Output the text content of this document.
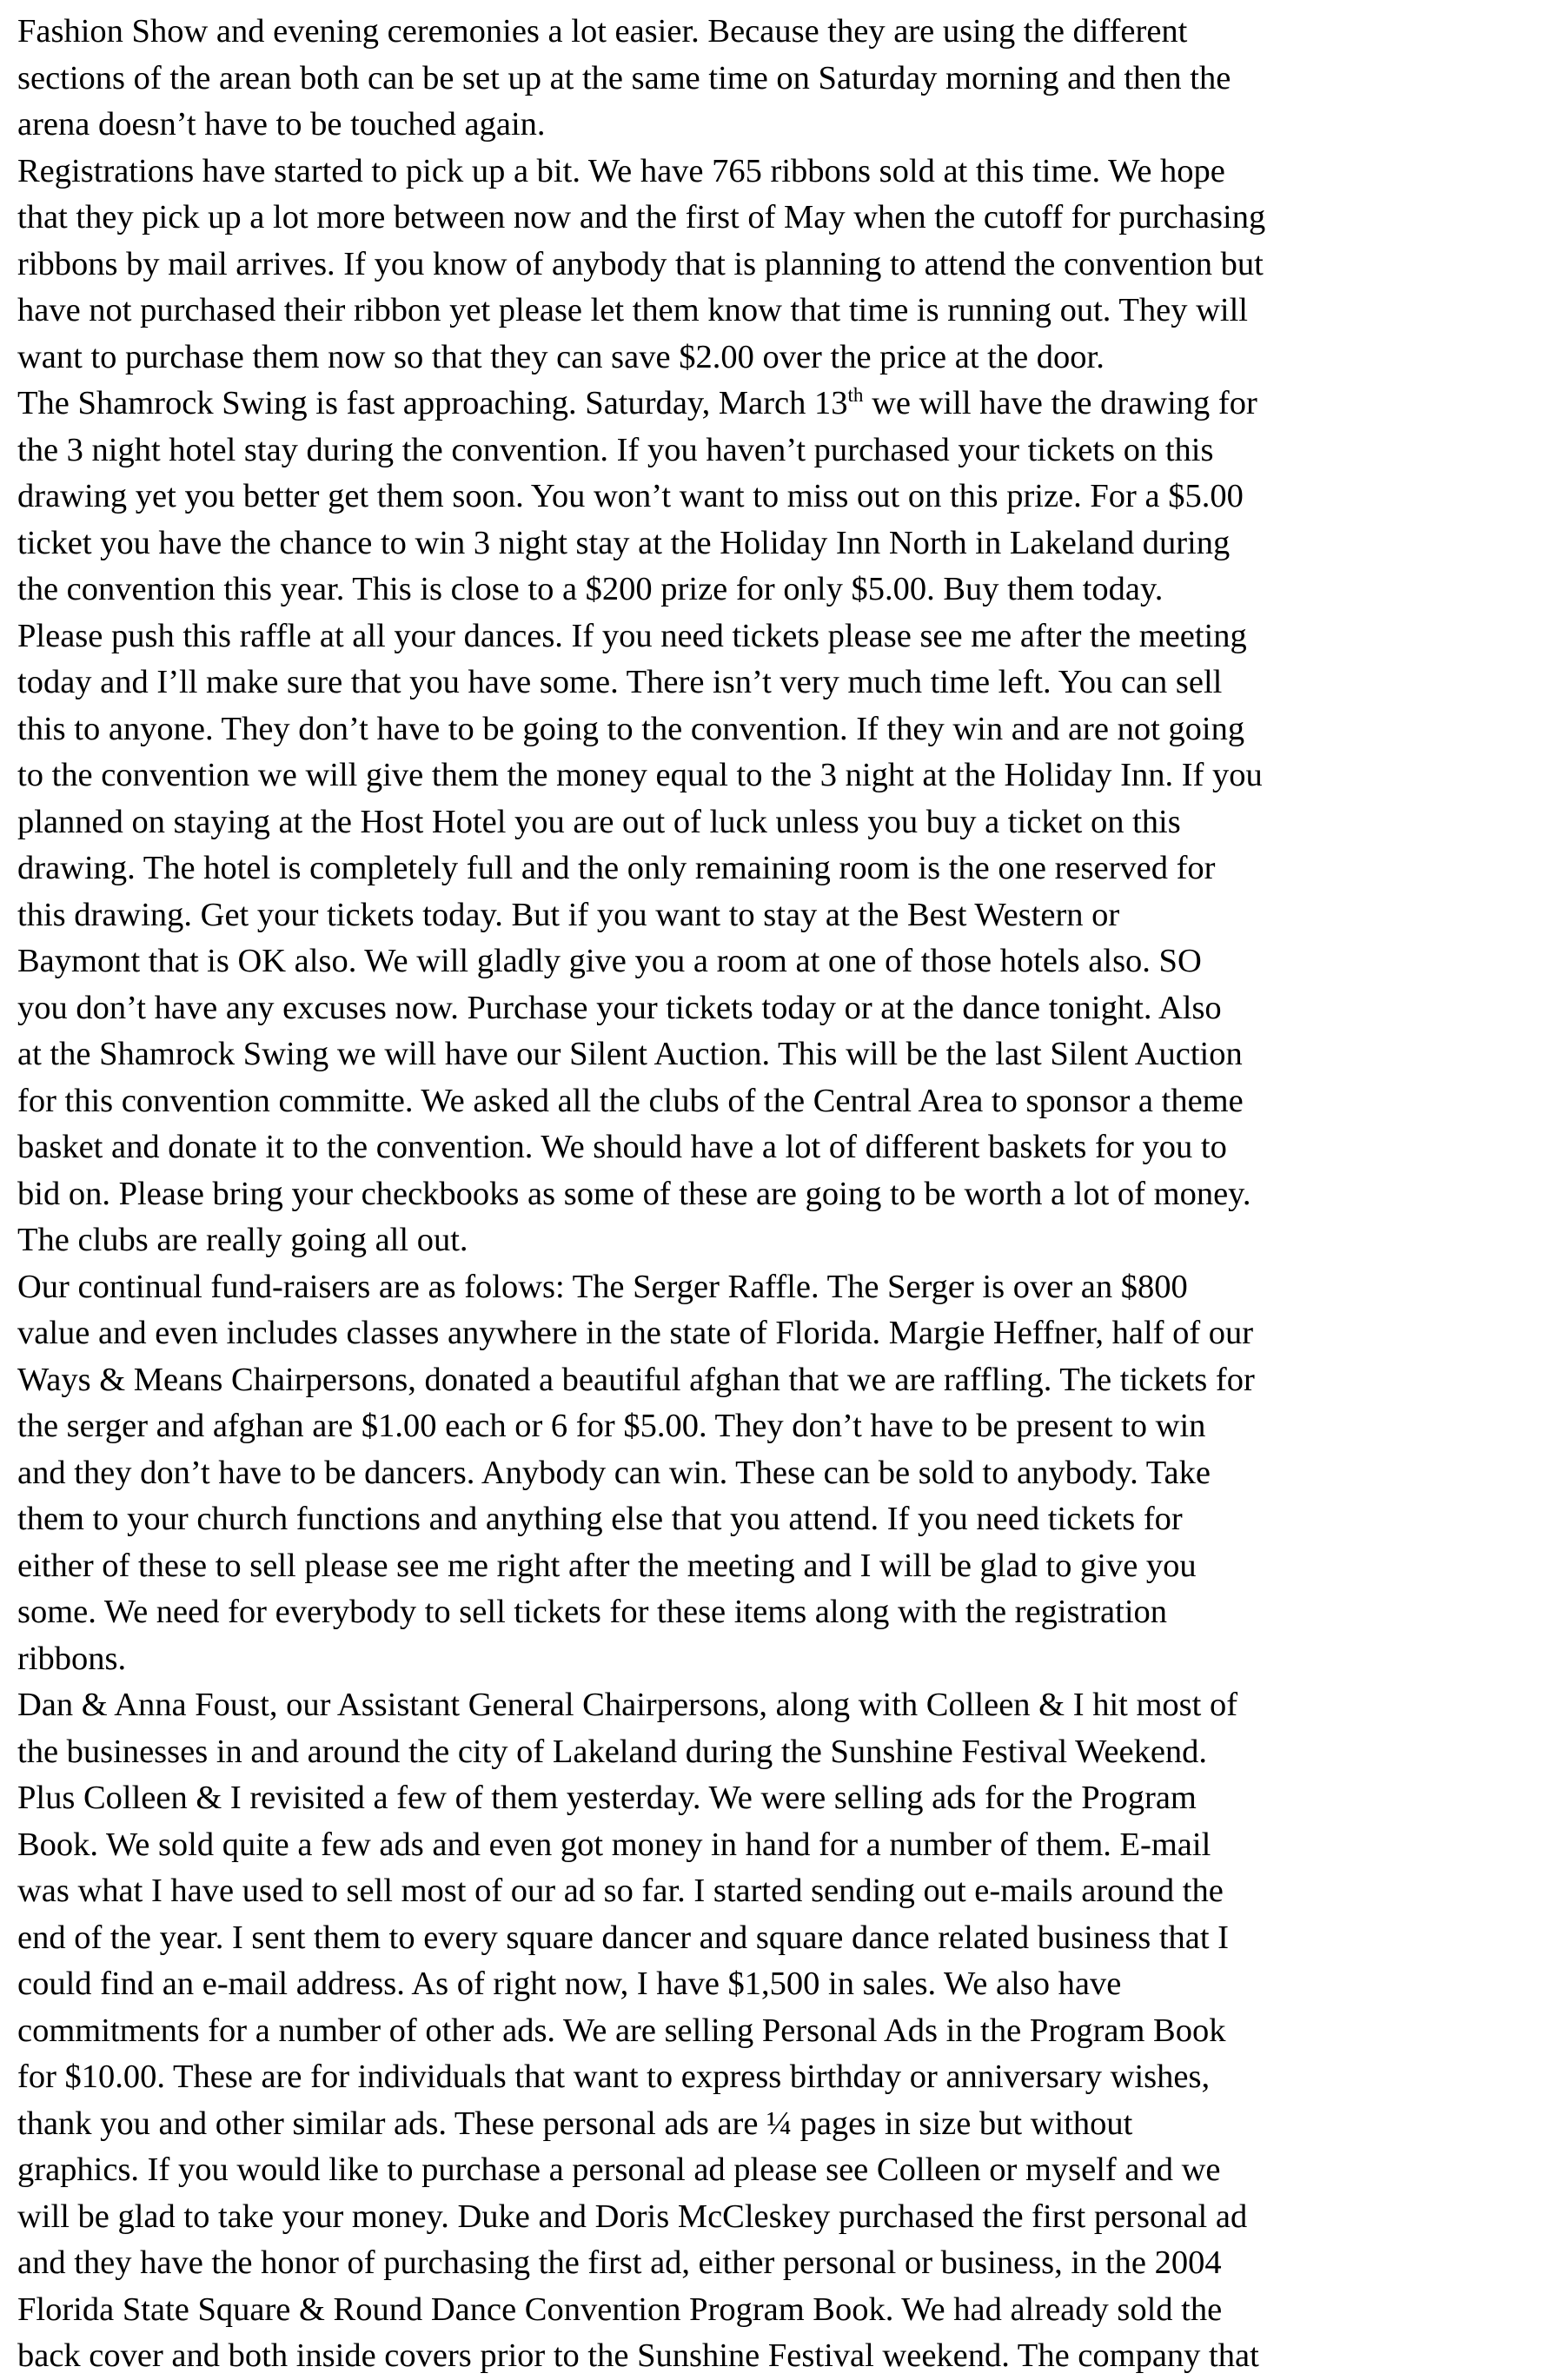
Fashion Show and evening ceremonies a lot easier. Because they are using the different
sections of the arean both can be set up at the same time on Saturday morning and then the
arena doesn’t have to be touched again.
Registrations have started to pick up a bit. We have 765 ribbons sold at this time. We hope
that they pick up a lot more between now and the first of May when the cutoff for purchasing
ribbons by mail arrives. If you know of anybody that is planning to attend the convention but
have not purchased their ribbon yet please let them know that time is running out. They will
want to purchase them now so that they can save $2.00 over the price at the door.
The Shamrock Swing is fast approaching. Saturday, March 13th we will have the drawing for
the 3 night hotel stay during the convention. If you haven’t purchased your tickets on this
drawing yet you better get them soon. You won’t want to miss out on this prize. For a $5.00
ticket you have the chance to win 3 night stay at the Holiday Inn North in Lakeland during
the convention this year. This is close to a $200 prize for only $5.00. Buy them today.
Please push this raffle at all your dances. If you need tickets please see me after the meeting
today and I’ll make sure that you have some. There isn’t very much time left. You can sell
this to anyone. They don’t have to be going to the convention. If they win and are not going
to the convention we will give them the money equal to the 3 night at the Holiday Inn. If you
planned on staying at the Host Hotel you are out of luck unless you buy a ticket on this
drawing. The hotel is completely full and the only remaining room is the one reserved for
this drawing. Get your tickets today. But if you want to stay at the Best Western or
Baymont that is OK also. We will gladly give you a room at one of those hotels also. SO
you don’t have any excuses now. Purchase your tickets today or at the dance tonight. Also
at the Shamrock Swing we will have our Silent Auction. This will be the last Silent Auction
for this convention committe. We asked all the clubs of the Central Area to sponsor a theme
basket and donate it to the convention. We should have a lot of different baskets for you to
bid on. Please bring your checkbooks as some of these are going to be worth a lot of money.
The clubs are really going all out.
Our continual fund-raisers are as folows: The Serger Raffle. The Serger is over an $800
value and even includes classes anywhere in the state of Florida. Margie Heffner, half of our
Ways & Means Chairpersons, donated a beautiful afghan that we are raffling. The tickets for
the serger and afghan are $1.00 each or 6 for $5.00. They don’t have to be present to win
and they don’t have to be dancers. Anybody can win. These can be sold to anybody. Take
them to your church functions and anything else that you attend. If you need tickets for
either of these to sell please see me right after the meeting and I will be glad to give you
some. We need for everybody to sell tickets for these items along with the registration
ribbons.
Dan & Anna Foust, our Assistant General Chairpersons, along with Colleen & I hit most of
the businesses in and around the city of Lakeland during the Sunshine Festival Weekend.
Plus Colleen & I revisited a few of them yesterday. We were selling ads for the Program
Book. We sold quite a few ads and even got money in hand for a number of them. E-mail
was what I have used to sell most of our ad so far. I started sending out e-mails around the
end of the year. I sent them to every square dancer and square dance related business that I
could find an e-mail address. As of right now, I have $1,500 in sales. We also have
commitments for a number of other ads. We are selling Personal Ads in the Program Book
for $10.00. These are for individuals that want to express birthday or anniversary wishes,
thank you and other similar ads. These personal ads are ¼ pages in size but without
graphics. If you would like to purchase a personal ad please see Colleen or myself and we
will be glad to take your money. Duke and Doris McCleskey purchased the first personal ad
and they have the honor of purchasing the first ad, either personal or business, in the 2004
Florida State Square & Round Dance Convention Program Book. We had already sold the
back cover and both inside covers prior to the Sunshine Festival weekend. The company that
